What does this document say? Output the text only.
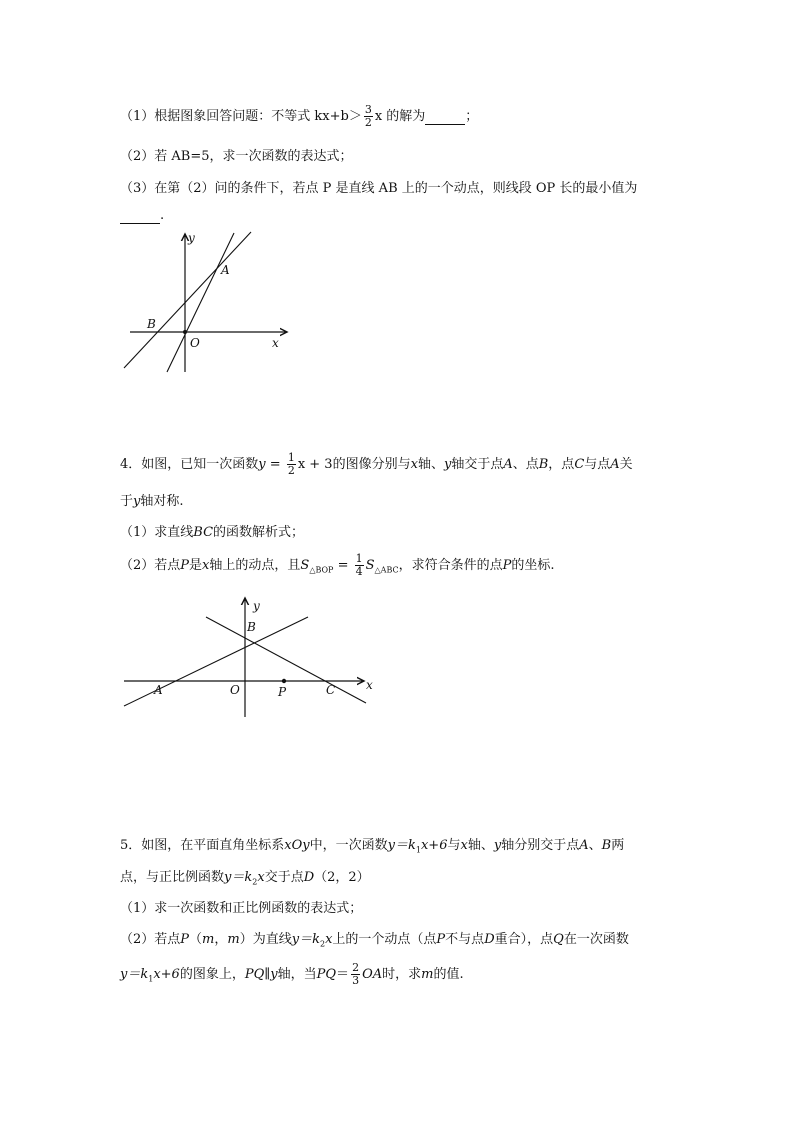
（1）根据图象回答问题：不等式 $kx+b> \frac{3}{2}$ x 的解为	；
（2）若 AB=5，求一次函数的表达式；
（3）在第（2）问的条件下，若点 P 是直线 AB 上的一个动点，则线段 OP 长的最小值为
.
y
A
B
O	x
4．如图，已知一次函数$y = \frac{1}{2}$ x + 3的图像分别与x轴、y轴交于点A、点B，点C与点A关
于y轴对称.
（1）求直线BC的函数解析式；
（2）若点P是x轴上的动点，且$S_{\triangle BOP} = \frac{1}{4} S_{\triangle ABC}$，求符合条件的点P的坐标.
y
B
A	O	P	C	x
5．如图，在平面直角坐标系xOy中，一次函数$y=k_1x+6$与x轴、y轴分别交于点A、B两
点，与正比例函数$y=k_2x$交于点D（2，2）
（1）求一次函数和正比例函数的表达式；
（2）若点P（m，m）为直线$y=k_2x$上的一个动点（点P不与点D重合），点Q在一次函数
$y=k_1x+6$的图象上，PQ∥y轴，当$PQ= \frac{2}{3}$ OA时，求m的值.
